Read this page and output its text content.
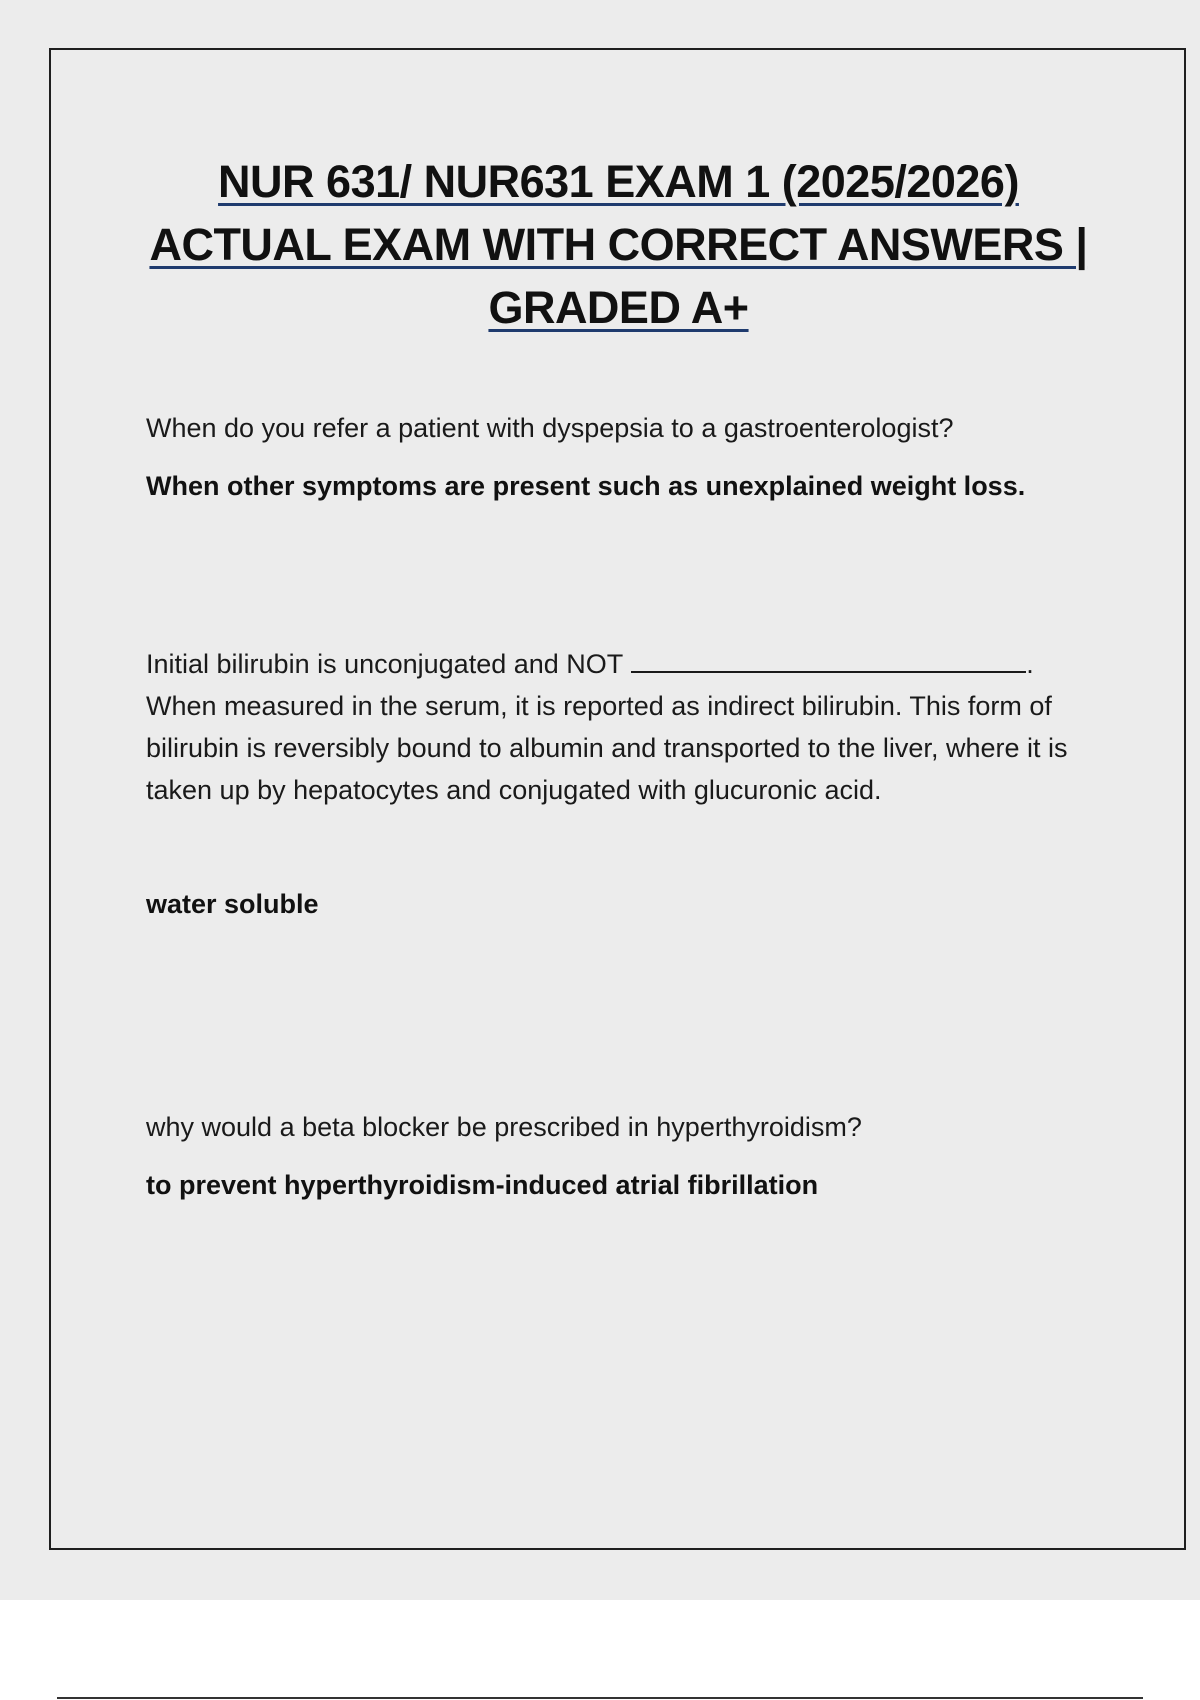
NUR 631/ NUR631 EXAM 1 (2025/2026)
ACTUAL EXAM WITH CORRECT ANSWERS |
GRADED A+

When do you refer a patient with dyspepsia to a gastroenterologist?

When other symptoms are present such as unexplained weight loss.

Initial bilirubin is unconjugated and NOT	.

When measured in the serum, it is reported as indirect bilirubin. This form of bilirubin is reversibly bound to albumin and transported to the liver, where it is taken up by hepatocytes and conjugated with glucuronic acid.

water soluble

why would a beta blocker be prescribed in hyperthyroidism?

to prevent hyperthyroidism-induced atrial fibrillation
